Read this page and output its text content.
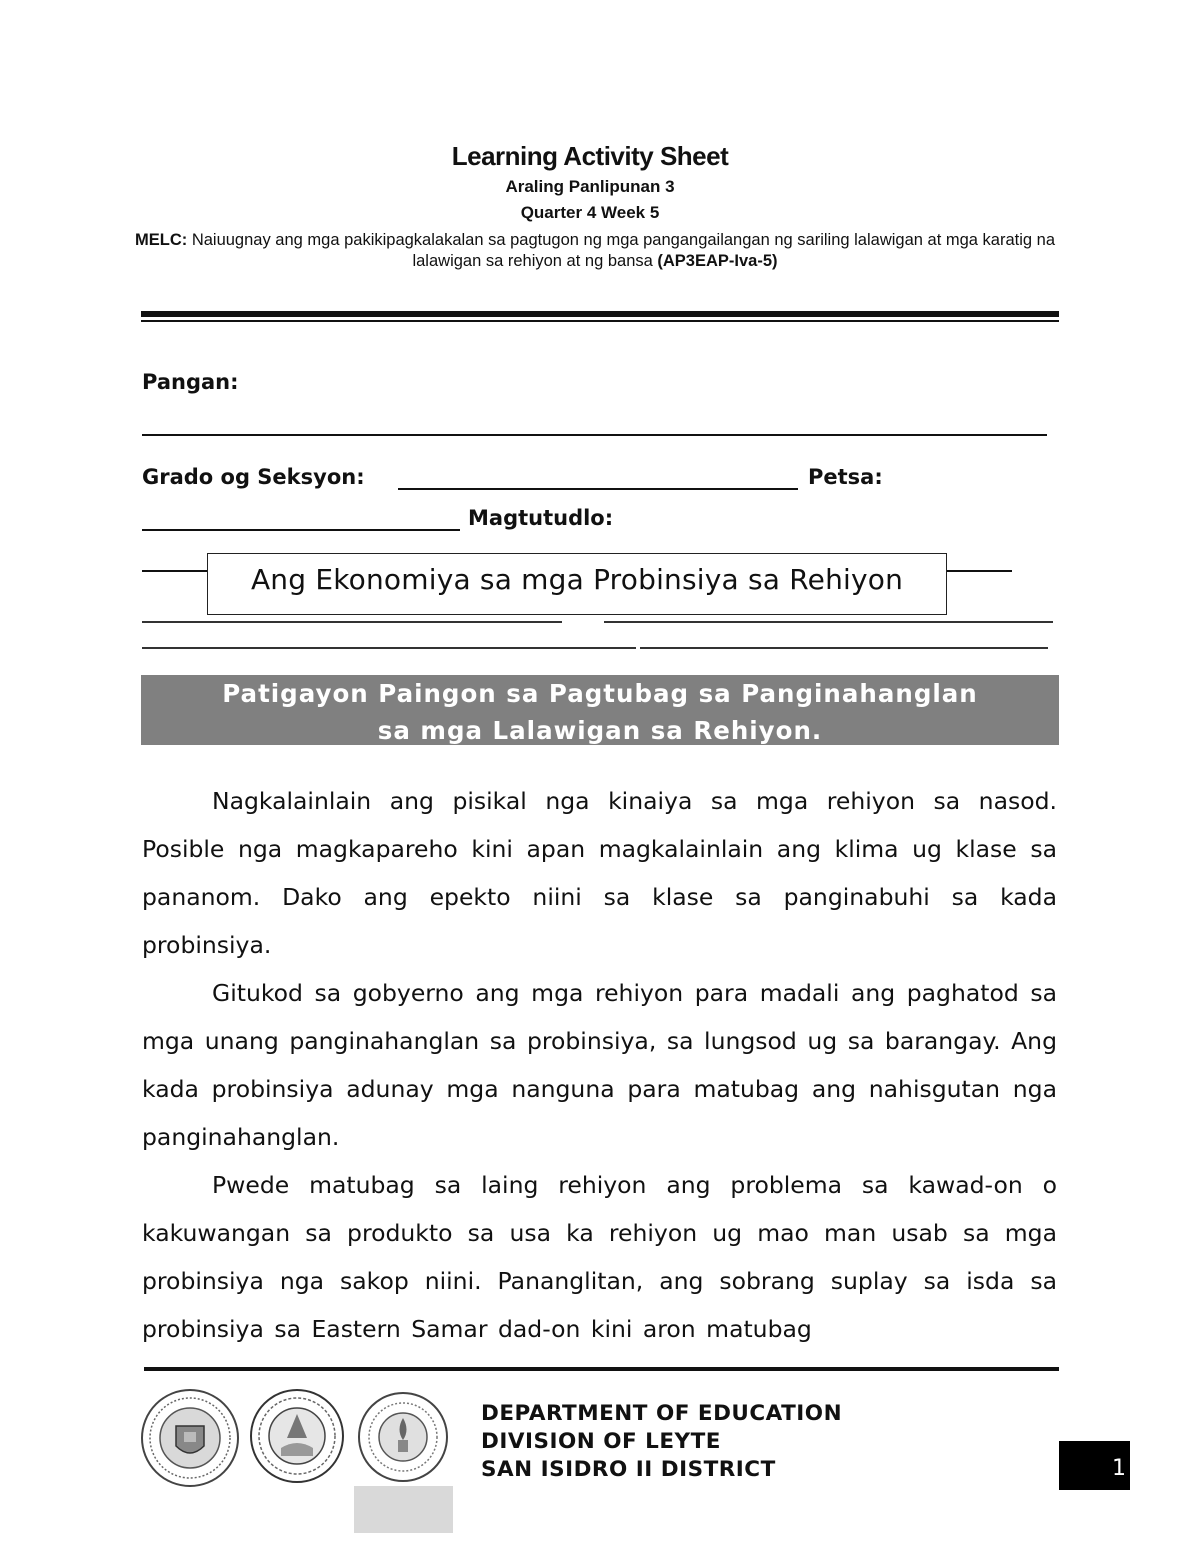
Learning Activity Sheet
Araling Panlipunan 3
Quarter 4 Week 5
MELC: Naiuugnay ang mga pakikipagkalakalan sa pagtugon ng mga pangangailangan ng sariling lalawigan at mga karatig na lalawigan sa rehiyon at ng bansa (AP3EAP-Iva-5)
Pangan:
Grado og Seksyon:	Petsa:
Magtutudlo:
Ang Ekonomiya sa mga Probinsiya sa Rehiyon
Patigayon Paingon sa Pagtubag sa Panginahanglan
sa mga Lalawigan sa Rehiyon.

Nagkalainlain ang pisikal nga kinaiya sa mga rehiyon sa nasod. Posible nga magkapareho kini apan magkalainlain ang klima ug klase sa pananom. Dako ang epekto niini sa klase sa panginabuhi sa kada probinsiya.

Gitukod sa gobyerno ang mga rehiyon para madali ang paghatod sa mga unang panginahanglan sa probinsiya, sa lungsod ug sa barangay. Ang kada probinsiya adunay mga nanguna para matubag ang nahisgutan nga panginahanglan.

Pwede matubag sa laing rehiyon ang problema sa kawad-on o kakuwangan sa produkto sa usa ka rehiyon ug mao man usab sa mga probinsiya nga sakop niini. Pananglitan, ang sobrang suplay sa isda sa probinsiya sa Eastern Samar dad-on kini aron matubag

DEPARTMENT OF EDUCATION
DIVISION OF LEYTE
SAN ISIDRO II DISTRICT	1
